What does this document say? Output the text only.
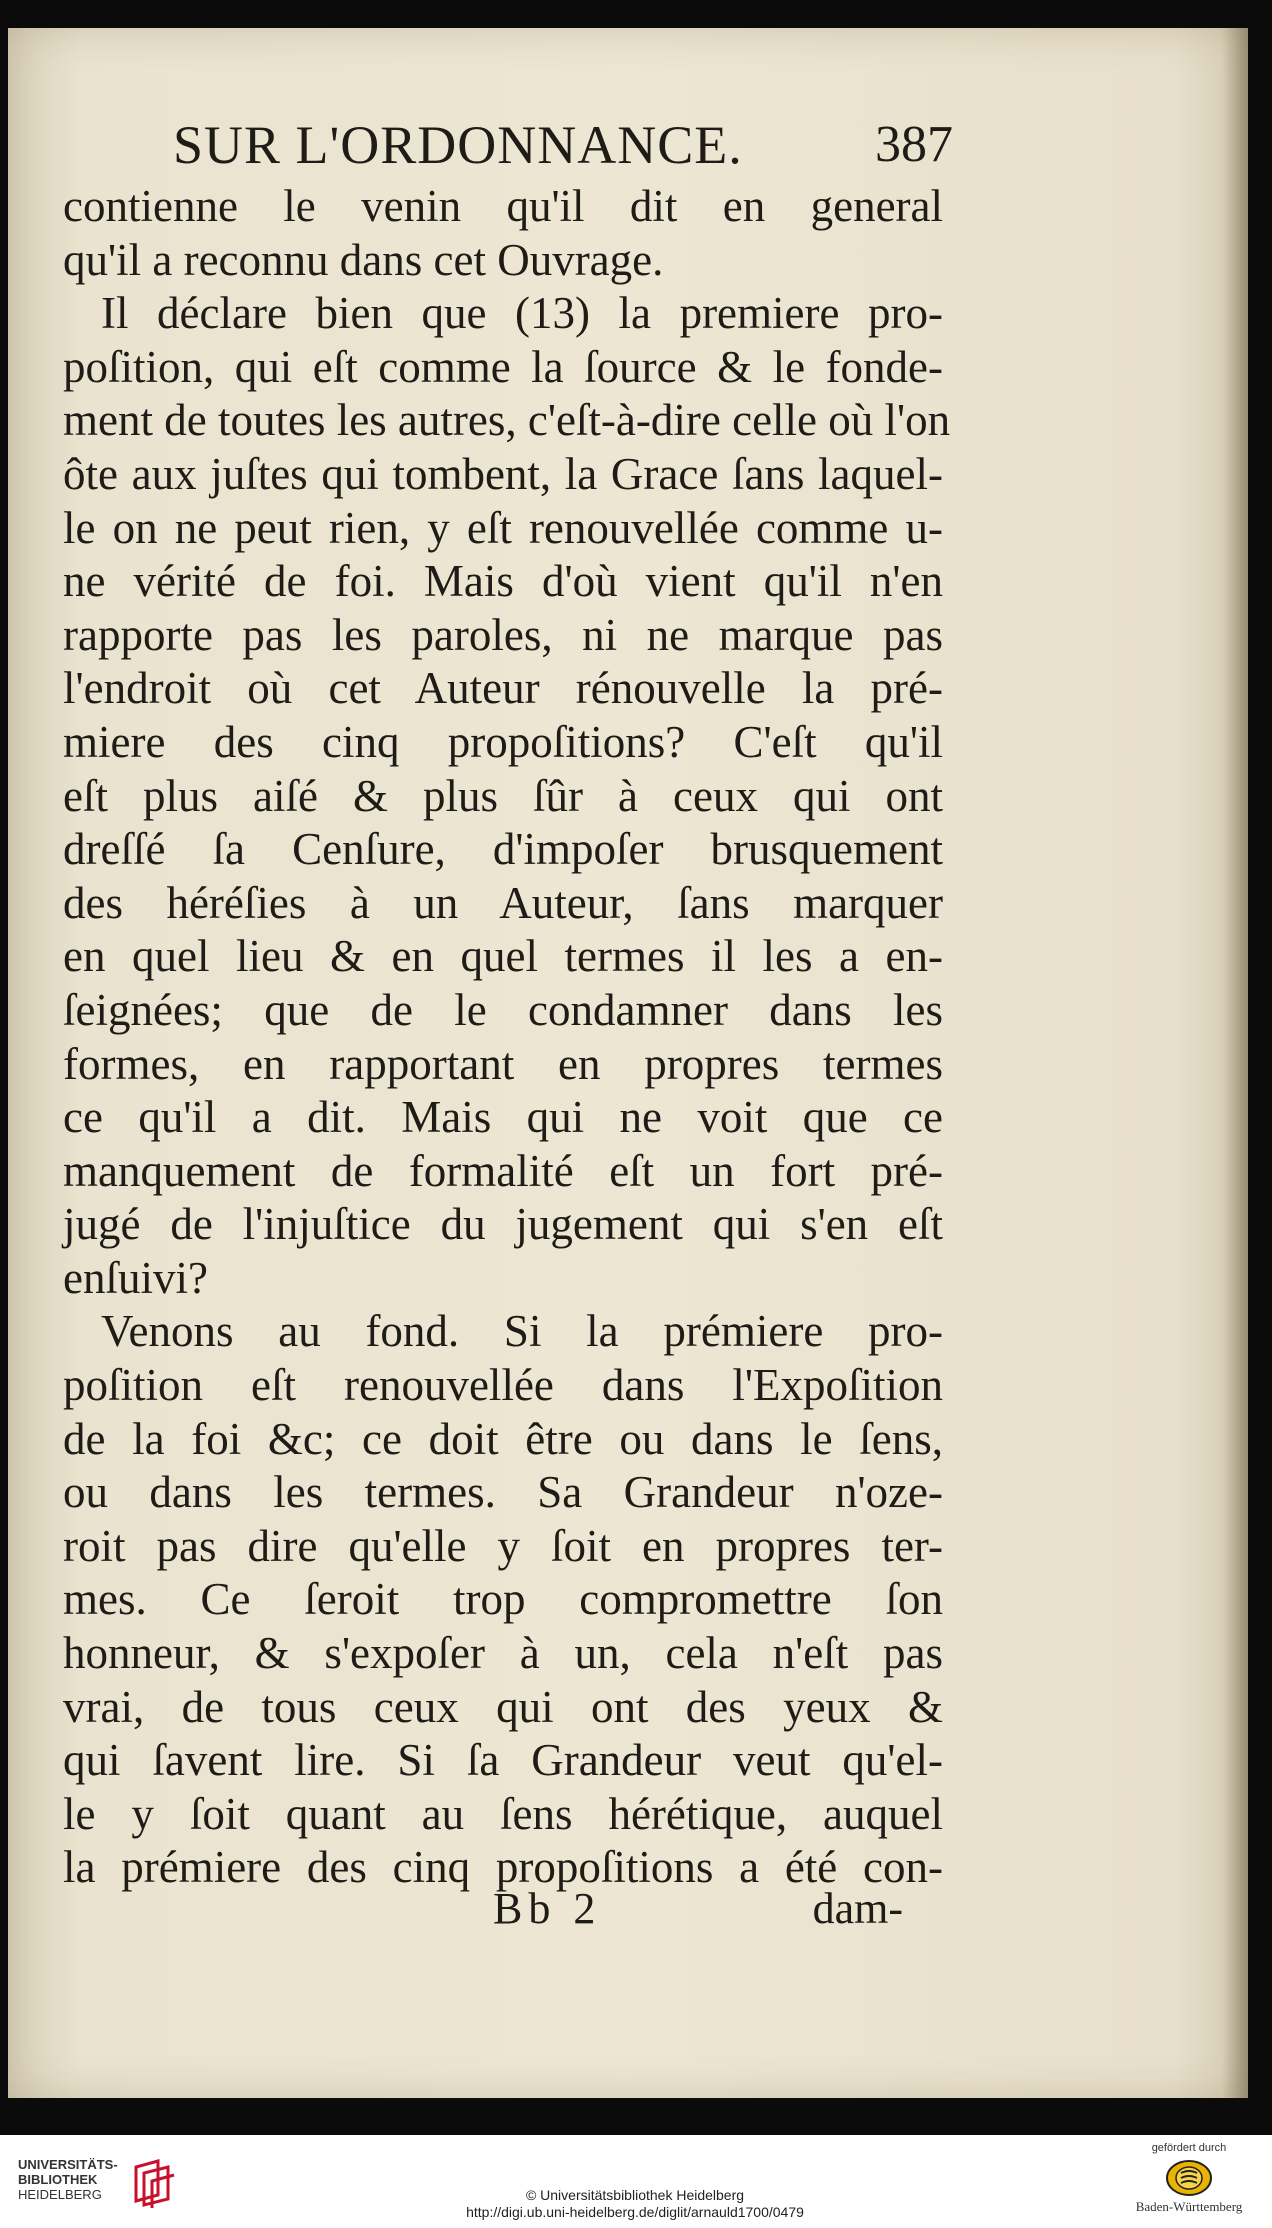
SUR L'ORDONNANCE.	387
contienne le venin qu'il dit en general
qu'il a reconnu dans cet Ouvrage.
Il déclare bien que (13) la premiere pro-
poſition, qui eſt comme la ſource & le fonde-
ment de toutes les autres, c'eſt-à-dire celle où l'on
ôte aux juſtes qui tombent, la Grace ſans laquel-
le on ne peut rien, y eſt renouvellée comme u-
ne vérité de foi. Mais d'où vient qu'il n'en
rapporte pas les paroles, ni ne marque pas
l'endroit où cet Auteur rénouvelle la pré-
miere des cinq propoſitions? C'eſt qu'il
eſt plus aiſé & plus ſûr à ceux qui ont
dreſſé ſa Cenſure, d'impoſer brusquement
des héréſies à un Auteur, ſans marquer
en quel lieu & en quel termes il les a en-
ſeignées; que de le condamner dans les
formes, en rapportant en propres termes
ce qu'il a dit. Mais qui ne voit que ce
manquement de formalité eſt un fort pré-
jugé de l'injuſtice du jugement qui s'en eſt
enſuivi?
Venons au fond. Si la prémiere pro-
poſition eſt renouvellée dans l'Expoſition
de la foi &c; ce doit être ou dans le ſens,
ou dans les termes. Sa Grandeur n'oze-
roit pas dire qu'elle y ſoit en propres ter-
mes. Ce ſeroit trop compromettre ſon
honneur, & s'expoſer à un, cela n'eſt pas
vrai, de tous ceux qui ont des yeux &
qui ſavent lire. Si ſa Grandeur veut qu'el-
le y ſoit quant au ſens hérétique, auquel
la prémiere des cinq propoſitions a été con-
Bb 2	dam-
UNIVERSITÄTS-
BIBLIOTHEK
HEIDELBERG	© Universitätsbibliothek Heidelberg
http://digi.ub.uni-heidelberg.de/diglit/arnauld1700/0479
gefördert durch
Baden-Württemberg
